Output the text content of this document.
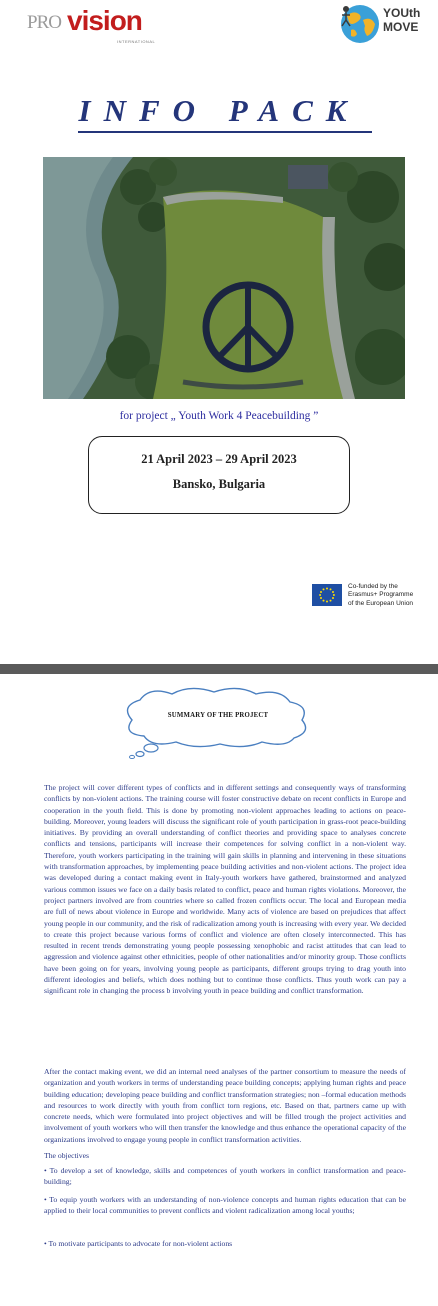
PRO vision
INTERNATIONAL
YOUth
MOVE
INFO PACK
for project „ Youth Work 4 Peacebuilding ”
21 April 2023 – 29 April 2023
Bansko, Bulgaria
Co-funded by the
Erasmus+ Programme
of the European Union
SUMMARY OF THE PROJECT
The project will cover different types of conflicts and in different settings and consequently ways of transforming conflicts by non-violent actions. The training course will foster constructive debate on recent conflicts in Europe and cooperation in the youth field. This is done by promoting non-violent approaches leading to actions on peace-building. Moreover, young leaders will discuss the significant role of youth participation in grass-root peace-building initiatives. By providing an overall understanding of conflict theories and providing space to analyses concrete conflicts and tensions, participants will increase their competences for solving conflict in a non-violent way. Therefore, youth workers participating in the training will gain skills in planning and intervening in these situations with transformation approaches, by implementing peace building activities and non-violent actions. The project idea was developed during a contact making event in Italy-youth workers have gathered, brainstormed and analyzed various common issues we face on a daily basis related to conflict, peace and human rights violations. Moreover, the project partners involved are from countries where so called frozen conflicts occur. The local and European media are full of news about violence in Europe and worldwide. Many acts of violence are based on prejudices that affect young people in our community, and the risk of radicalization among youth is increasing with every year. We decided to create this project because various forms of conflict and violence are often closely interconnected. This has resulted in recent trends demonstrating young people possessing xenophobic and racist attitudes that can lead to aggression and violence against other ethnicities, people of other nationalities and/or minority group. Those conflicts have been going on for years, involving young people as participants, different groups trying to drag youth into different ideologies and beliefs, which does nothing but to continue those conflicts. Thus youth work can pay a significant role in changing the process b involving youth in peace building and conflict transformation.
After the contact making event, we did an internal need analyses of the partner consortium to measure the needs of organization and youth workers in terms of understanding peace building concepts; applying human rights and peace building education; developing peace building and conflict transformation strategies; non –formal education methods and resources to work directly with youth from conflict torn regions, etc. Based on that, partners came up with concrete needs, which were formulated into project objectives and will be filled trough the project activities and involvement of youth workers who will then transfer the knowledge and thus enhance the operational capacity of the organizations involved to engage young people in conflict transformation activities.
The objectives
• To develop a set of knowledge, skills and competences of youth workers in conflict transformation and peace-building;
• To equip youth workers with an understanding of non-violence concepts and human rights education that can be applied to their local communities to prevent conflicts and violent radicalization among local youths;
• To motivate participants to advocate for non-violent actions
